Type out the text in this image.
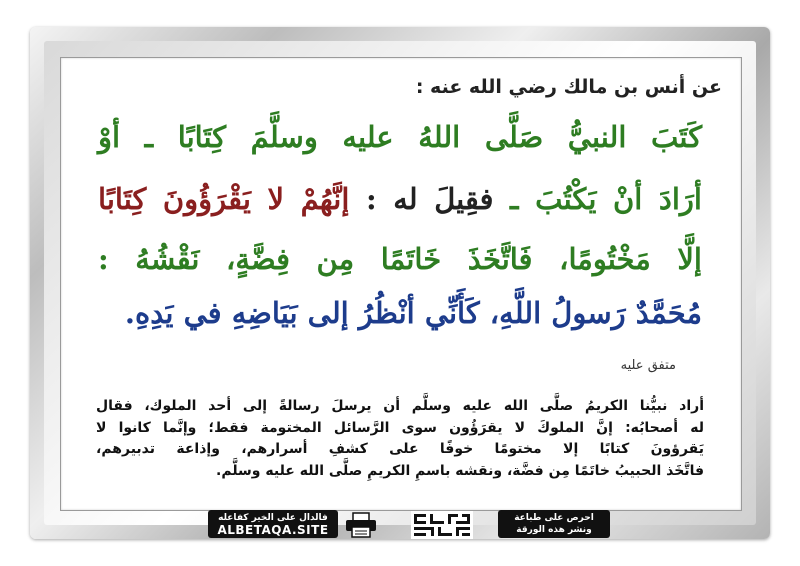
عن أنس بن مالك رضي الله عنه :
كَتَبَ النبيُّ صَلَّى اللهُ عليه وسلَّمَ كِتَابًا ـ أوْ
أرَادَ أنْ يَكْتُبَ ـ فقِيلَ له : إنَّهُمْ لا يَقْرَؤُونَ كِتَابًا
إلَّا مَخْتُومًا، فَاتَّخَذَ خَاتَمًا مِن فِضَّةٍ، نَقْشُهُ :
مُحَمَّدٌ رَسولُ اللَّهِ، كَأَنِّي أنْظُرُ إلى بَيَاضِهِ في يَدِهِ.
متفق عليه
أراد نبيُّنا الكريمُ صلَّى الله عليه وسلَّم أن يرسلَ رسالةً إلى أحد الملوك، فقال
له أصحابُه: إنَّ الملوكَ لا يقرَؤُون سوى الرَّسائل المختومة فقط؛ وإنَّما كانوا لا
يَقرؤونَ كتابًا إلا مختومًا خوفًا على كشفِ أسرارهم، وإذاعة تدبيرهم،
فاتَّخَذ الحبيبُ خاتَمًا مِن فضَّة، ونقشه باسمِ الكريمِ صلَّى الله عليه وسلَّم.
فالدال على الخير كفاعله
ALBETAQA.SITE
احرص على طباعة
ونشر هذه الورقة
